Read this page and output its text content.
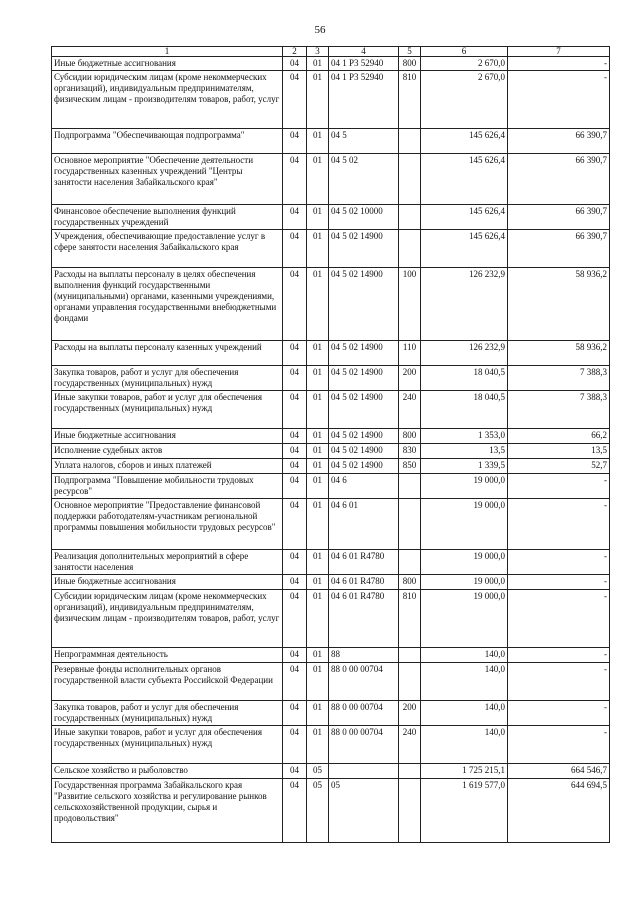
56
1	2	3	4	5	6	7
Иные бюджетные ассигнования	04	01	04 1 Р3 52940	800	2 670,0	-
Субсидии юридическим лицам (кроме некоммерческих организаций), индивидуальным предпринимателям, физическим лицам - производителям товаров, работ, услуг	04	01	04 1 Р3 52940	810	2 670,0	-
Подпрограмма "Обеспечивающая подпрограмма"	04	01	04 5		145 626,4	66 390,7
Основное мероприятие "Обеспечение деятельности государственных казенных учреждений "Центры занятости населения Забайкальского края"	04	01	04 5 02		145 626,4	66 390,7
Финансовое обеспечение выполнения функций государственных учреждений	04	01	04 5 02 10000		145 626,4	66 390,7
Учреждения, обеспечивающие предоставление услуг в сфере занятости населения Забайкальского края	04	01	04 5 02 14900		145 626,4	66 390,7
Расходы на выплаты персоналу в целях обеспечения выполнения функций государственными (муниципальными) органами, казенными учреждениями, органами управления государственными внебюджетными фондами	04	01	04 5 02 14900	100	126 232,9	58 936,2
Расходы на выплаты персоналу казенных учреждений	04	01	04 5 02 14900	110	126 232,9	58 936,2
Закупка товаров, работ и услуг для обеспечения государственных (муниципальных) нужд	04	01	04 5 02 14900	200	18 040,5	7 388,3
Иные закупки товаров, работ и услуг для обеспечения государственных (муниципальных) нужд	04	01	04 5 02 14900	240	18 040,5	7 388,3
Иные бюджетные ассигнования	04	01	04 5 02 14900	800	1 353,0	66,2
Исполнение судебных актов	04	01	04 5 02 14900	830	13,5	13,5
Уплата налогов, сборов и иных платежей	04	01	04 5 02 14900	850	1 339,5	52,7
Подпрограмма "Повышение мобильности трудовых ресурсов"	04	01	04 6		19 000,0	-
Основное мероприятие "Предоставление финансовой поддержки работодателям-участникам региональной программы повышения мобильности трудовых ресурсов"	04	01	04 6 01		19 000,0	-
Реализация дополнительных мероприятий в сфере занятости населения	04	01	04 6 01 R4780		19 000,0	-
Иные бюджетные ассигнования	04	01	04 6 01 R4780	800	19 000,0	-
Субсидии юридическим лицам (кроме некоммерческих организаций), индивидуальным предпринимателям, физическим лицам - производителям товаров, работ, услуг	04	01	04 6 01 R4780	810	19 000,0	-
Непрограммная деятельность	04	01	88		140,0	-
Резервные фонды исполнительных органов государственной власти субъекта Российской Федерации	04	01	88 0 00 00704		140,0	-
Закупка товаров, работ и услуг для обеспечения государственных (муниципальных) нужд	04	01	88 0 00 00704	200	140,0	-
Иные закупки товаров, работ и услуг для обеспечения государственных (муниципальных) нужд	04	01	88 0 00 00704	240	140,0	-
Сельское хозяйство и рыболовство	04	05			1 725 215,1	664 546,7
Государственная программа Забайкальского края "Развитие сельского хозяйства и регулирование рынков сельскохозяйственной продукции, сырья и продовольствия"	04	05	05		1 619 577,0	644 694,5
